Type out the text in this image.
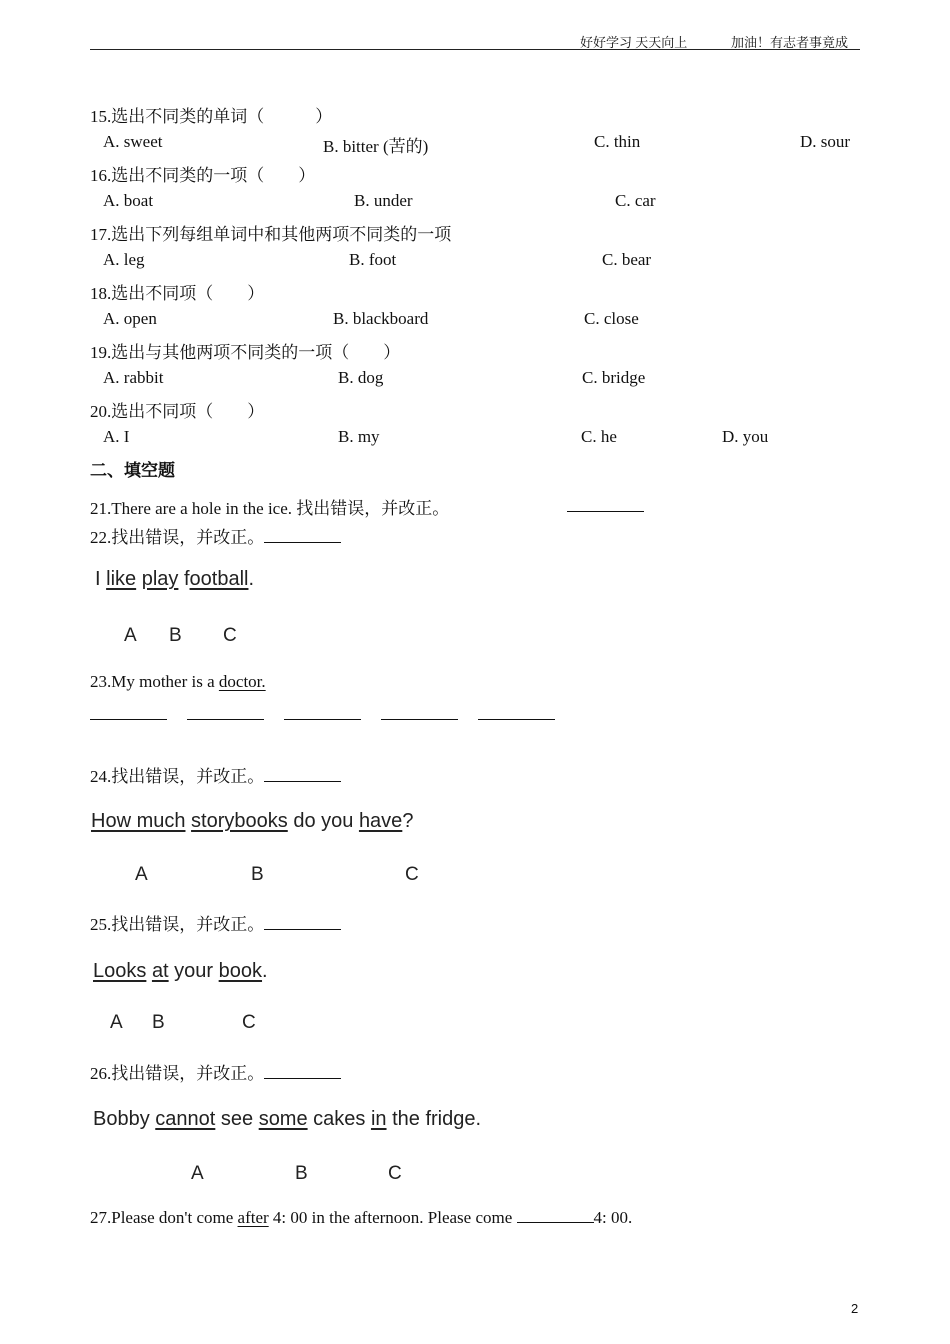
好好学习 天天向上	加油！有志者事竟成
15.选出不同类的单词（　　　）
A. sweet	B. bitter (苦的)	C. thin	D. sour
16.选出不同类的一项（　　）
A. boat	B. under	C. car
17.选出下列每组单词中和其他两项不同类的一项
A. leg	B. foot	C. bear
18.选出不同项（　　）
A. open	B. blackboard	C. close
19.选出与其他两项不同类的一项（　　）
A. rabbit	B. dog	C. bridge
20.选出不同项（　　）
A. I	B. my	C. he	D. you
二、填空题
21.There are a hole in the ice. 找出错误，并改正。
22.找出错误，并改正。
I like play football.
A B C
23.My mother is a doctor.

24.找出错误，并改正。
How much storybooks do you have?
A	B	C
25.找出错误，并改正。
Looks at your book.
A B	C
26.找出错误，并改正。
Bobby cannot see some cakes in the fridge.
A	B	C
27.Please don't come after 4: 00 in the afternoon. Please come	4: 00.
2
